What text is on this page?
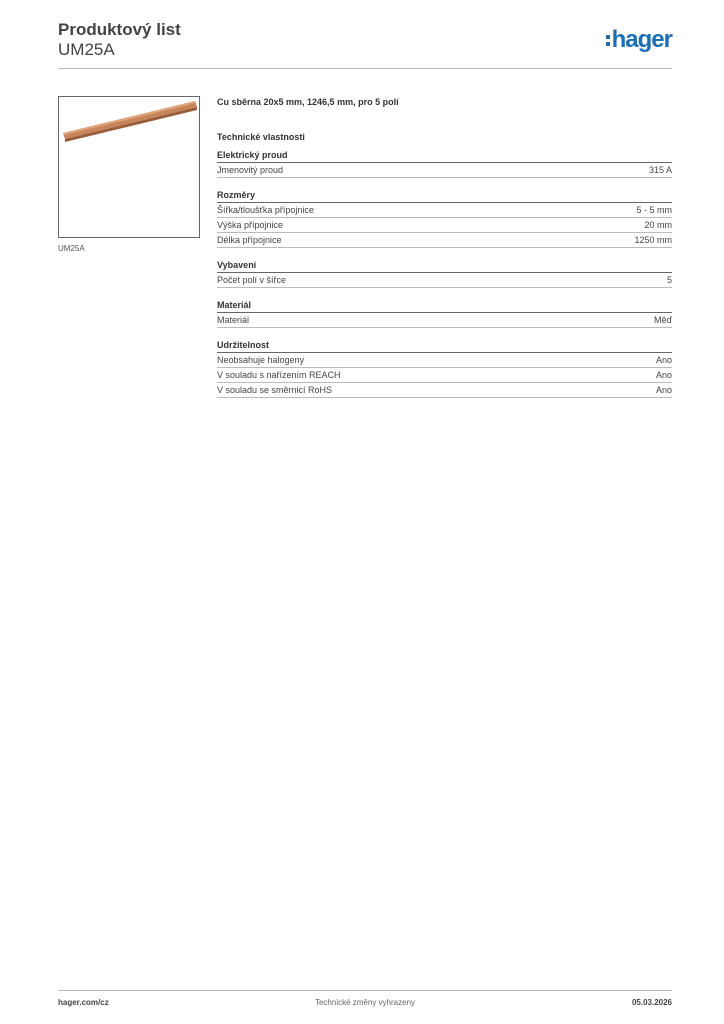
Produktový list
UM25A	hager
UM25A
Cu sběrna 20x5 mm, 1246,5 mm, pro 5 polí
Technické vlastnosti
Elektrický proud
Jmenovitý proud	315 A
Rozměry
Šířka/tloušťka přípojnice	5 - 5 mm
Výška přípojnice	20 mm
Délka přípojnice	1250 mm
Vybavení
Počet polí v šířce	5
Materiál
Materiál	Měď
Udržitelnost
Neobsahuje halogeny	Ano
V souladu s nařízením REACH	Ano
V souladu se směrnicí RoHS	Ano
hager.com/cz	Technické změny vyhrazeny	05.03.2026
